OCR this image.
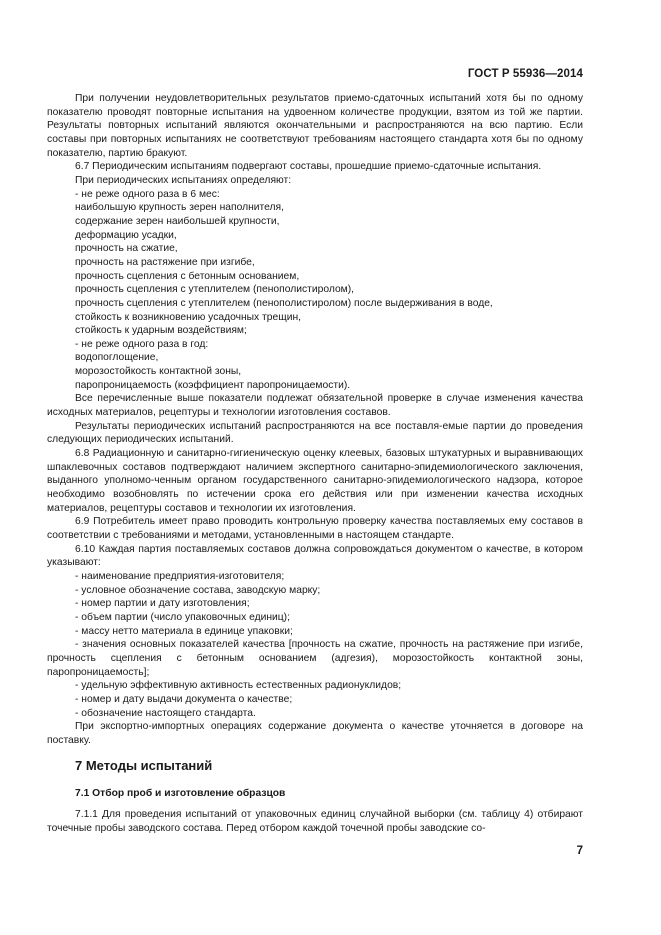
ГОСТ Р 55936—2014

При получении неудовлетворительных результатов приемо-сдаточных испытаний хотя бы по одному показателю проводят повторные испытания на удвоенном количестве продукции, взятом из той же партии. Результаты повторных испытаний являются окончательными и распространяются на всю партию. Если составы при повторных испытаниях не соответствуют требованиям настоящего стандарта хотя бы по одному показателю, партию бракуют.

6.7 Периодическим испытаниям подвергают составы, прошедшие приемо-сдаточные испытания.

При периодических испытаниях определяют:

- не реже одного раза в 6 мес:

наибольшую крупность зерен наполнителя,

содержание зерен наибольшей крупности,

деформацию усадки,

прочность на сжатие,

прочность на растяжение при изгибе,

прочность сцепления с бетонным основанием,

прочность сцепления с утеплителем (пенополистиролом),

прочность сцепления с утеплителем (пенополистиролом) после выдерживания в воде,

стойкость к возникновению усадочных трещин,

стойкость к ударным воздействиям;

- не реже одного раза в год:

водопоглощение,

морозостойкость контактной зоны,

паропроницаемость (коэффициент паропроницаемости).

Все перечисленные выше показатели подлежат обязательной проверке в случае изменения качества исходных материалов, рецептуры и технологии изготовления составов.

Результаты периодических испытаний распространяются на все поставля-емые партии до проведения следующих периодических испытаний.

6.8 Радиационную и санитарно-гигиеническую оценку клеевых, базовых штукатурных и выравнивающих шпаклевочных составов подтверждают наличием экспертного санитарно-эпидемиологического заключения, выданного уполномо-ченным органом государственного санитарно-эпидемиологического надзора, которое необходимо возобновлять по истечении срока его действия или при изменении качества исходных материалов, рецептуры составов и технологии их изготовления.

6.9 Потребитель имеет право проводить контрольную проверку качества поставляемых ему составов в соответствии с требованиями и методами, установленными в настоящем стандарте.

6.10 Каждая партия поставляемых составов должна сопровождаться документом о качестве, в котором указывают:

- наименование предприятия-изготовителя;

- условное обозначение состава, заводскую марку;

- номер партии и дату изготовления;

- объем партии (число упаковочных единиц);

- массу нетто материала в единице упаковки;

- значения основных показателей качества [прочность на сжатие, прочность на растяжение при изгибе, прочность сцепления с бетонным основанием (адгезия), морозостойкость контактной зоны, паропроницаемость];

- удельную эффективную активность естественных радионуклидов;

- номер и дату выдачи документа о качестве;

- обозначение настоящего стандарта.

При экспортно-импортных операциях содержание документа о качестве уточняется в договоре на поставку.

7 Методы испытаний

7.1 Отбор проб и изготовление образцов

7.1.1 Для проведения испытаний от упаковочных единиц случайной выборки (см. таблицу 4) отбирают точечные пробы заводского состава. Перед отбором каждой точечной пробы заводские со-

7
